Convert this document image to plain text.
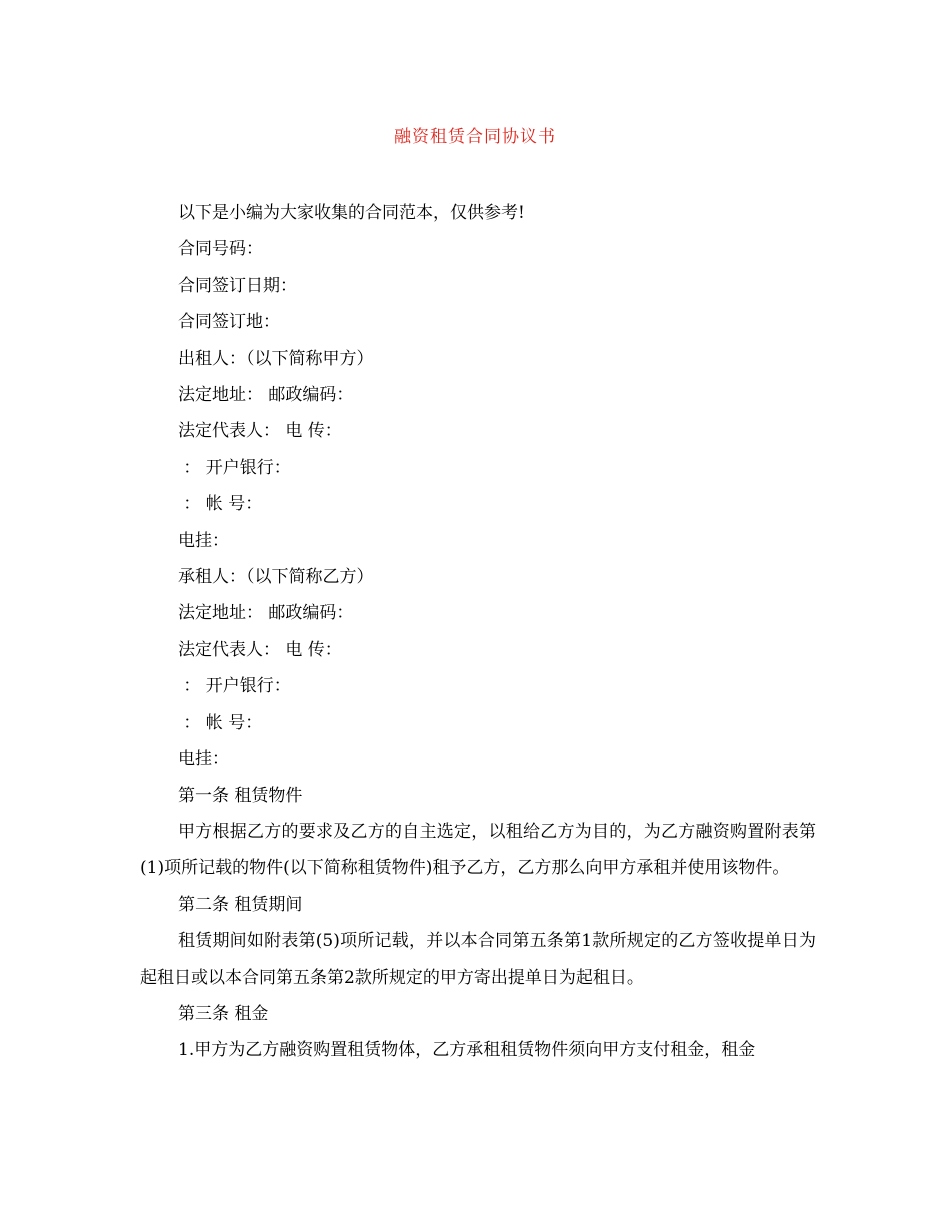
融资租赁合同协议书
以下是小编为大家收集的合同范本，仅供参考!
合同号码：
合同签订日期：
合同签订地：
出租人：（以下简称甲方）
法定地址： 邮政编码：
法定代表人： 电 传：
： 开户银行：
： 帐 号：
电挂：
承租人：（以下简称乙方）
法定地址： 邮政编码：
法定代表人： 电 传：
： 开户银行：
： 帐 号：
电挂：
第一条 租赁物件
甲方根据乙方的要求及乙方的自主选定，以租给乙方为目的，为乙方融资购置附表第(1)项所记载的物件(以下简称租赁物件)租予乙方，乙方那么向甲方承租并使用该物件。
第二条 租赁期间
租赁期间如附表第(5)项所记载，并以本合同第五条第1款所规定的乙方签收提单日为起租日或以本合同第五条第2款所规定的甲方寄出提单日为起租日。
第三条 租金
1.甲方为乙方融资购置租赁物体，乙方承租租赁物件须向甲方支付租金，租金
